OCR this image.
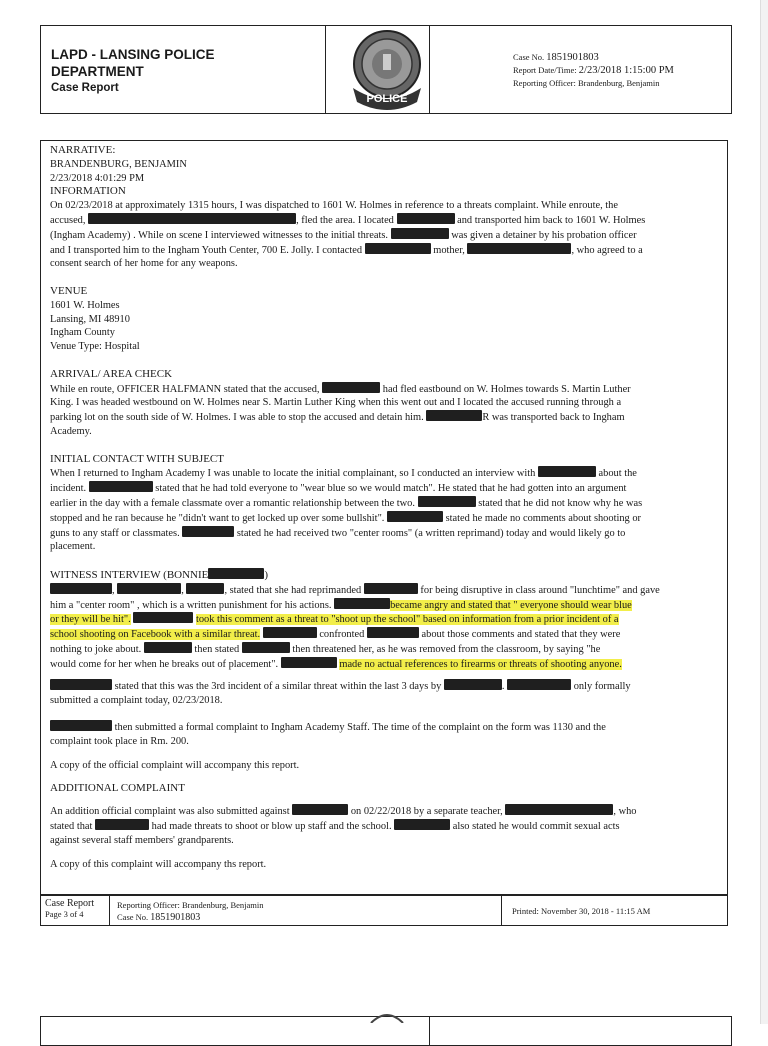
LAPD - LANSING POLICE
DEPARTMENT
Case Report
POLICE
Case No. 1851901803
Report Date/Time: 2/23/2018 1:15:00 PM
Reporting Officer: Brandenburg, Benjamin

NARRATIVE:

BRANDENBURG, BENJAMIN

2/23/2018 4:01:29 PM

INFORMATION

On 02/23/2018 at approximately 1315 hours, I was dispatched to 1601 W. Holmes in reference to a threats complaint. While enroute, the
accused,	, fled the area. I located	and transported him back to 1601 W. Holmes
(Ingham Academy) . While on scene I interviewed witnesses to the initial threats.	was given a detainer by his probation officer
and I transported him to the Ingham Youth Center, 700 E. Jolly. I contacted	mother,	, who agreed to a
consent search of her home for any weapons.

VENUE

1601 W. Holmes

Lansing, MI 48910

Ingham County

Venue Type: Hospital

ARRIVAL/ AREA CHECK

While en route, OFFICER HALFMANN stated that the accused,	had fled eastbound on W. Holmes towards S. Martin Luther
King. I was headed westbound on W. Holmes near S. Martin Luther King when this went out and I located the accused running through a
parking lot on the south side of W. Holmes. I was able to stop the accused and detain him.	R was transported back to Ingham
Academy.

INITIAL CONTACT WITH SUBJECT

When I returned to Ingham Academy I was unable to locate the initial complainant, so I conducted an interview with	about the
incident.	stated that he had told everyone to "wear blue so we would match". He stated that he had gotten into an argument
earlier in the day with a female classmate over a romantic relationship between the two.	stated that he did not know why he was
stopped and he ran because he "didn't want to get locked up over some bullshit".	stated he made no comments about shooting or
guns to any staff or classmates.	stated he had received two "center rooms" (a written reprimand) today and would likely go to
placement.

WITNESS INTERVIEW (BONNIE	)

,	,	, stated that she had reprimanded	for being disruptive in class around "lunchtime" and gave
him a "center room" , which is a written punishment for his actions.	became angry and stated that " everyone should wear blue
or they will be hit".	took this comment as a threat to "shoot up the school" based on information from a prior incident of a
school shooting on Facebook with a similar threat.	confronted	about those comments and stated that they were
nothing to joke about.	then stated	then threatened her, as he was removed from the classroom, by saying "he
would come for her when he breaks out of placement".	made no actual references to firearms or threats of shooting anyone.

stated that this was the 3rd incident of a similar threat within the last 3 days by	.	only formally
submitted a complaint today, 02/23/2018.

then submitted a formal complaint to Ingham Academy Staff. The time of the complaint on the form was 1130 and the
complaint took place in Rm. 200.

A copy of the official complaint will accompany this report.

ADDITIONAL COMPLAINT

An addition official complaint was also submitted against	on 02/22/2018 by a separate teacher,	, who
stated that	had made threats to shoot or blow up staff and the school.	also stated he would commit sexual acts
against several staff members' grandparents.

A copy of this complaint will accompany ths report.

Case Report
Page 3 of 4
Reporting Officer: Brandenburg, Benjamin
Case No. 1851901803
Printed: November 30, 2018 - 11:15 AM
